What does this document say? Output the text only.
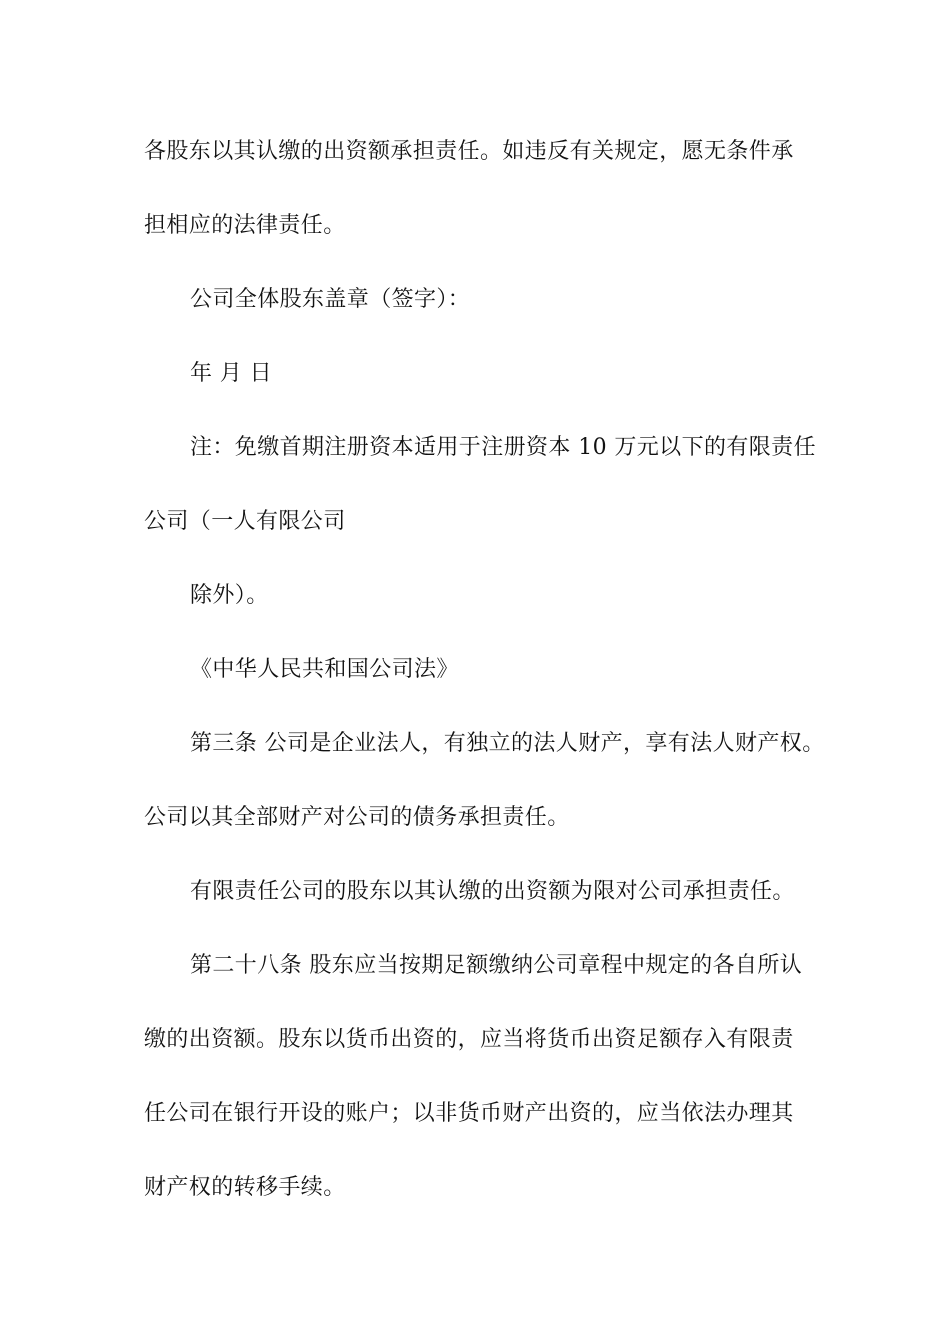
各股东以其认缴的出资额承担责任。如违反有关规定，愿无条件承
担相应的法律责任。
公司全体股东盖章（签字）：
年 月 日
注：免缴首期注册资本适用于注册资本 10 万元以下的有限责任
公司（一人有限公司
除外）。
《中华人民共和国公司法》
第三条 公司是企业法人，有独立的法人财产，享有法人财产权。
公司以其全部财产对公司的债务承担责任。
有限责任公司的股东以其认缴的出资额为限对公司承担责任。
第二十八条 股东应当按期足额缴纳公司章程中规定的各自所认
缴的出资额。股东以货币出资的，应当将货币出资足额存入有限责
任公司在银行开设的账户；以非货币财产出资的，应当依法办理其
财产权的转移手续。
